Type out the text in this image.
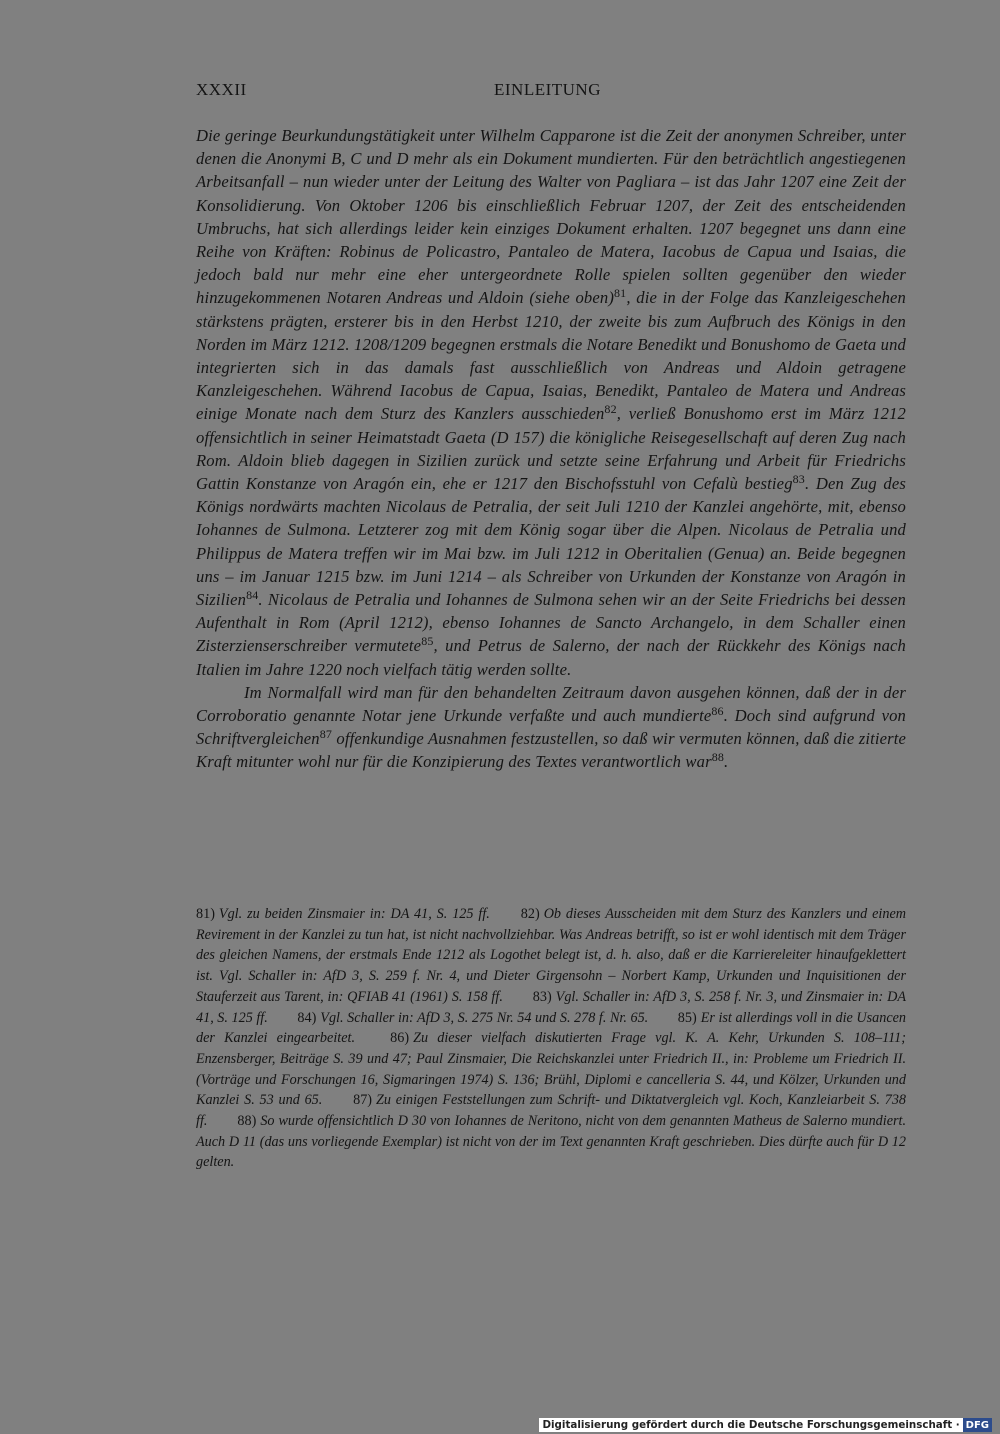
XXXII	EINLEITUNG

Die geringe Beurkundungstätigkeit unter Wilhelm Capparone ist die Zeit der anonymen Schreiber, unter denen die Anonymi B, C und D mehr als ein Dokument mundierten. Für den beträchtlich angestiegenen Arbeitsanfall – nun wieder unter der Leitung des Walter von Pagliara – ist das Jahr 1207 eine Zeit der Konsolidierung. Von Oktober 1206 bis einschließlich Februar 1207, der Zeit des entscheidenden Umbruchs, hat sich allerdings leider kein einziges Dokument erhalten. 1207 begegnet uns dann eine Reihe von Kräften: Robinus de Policastro, Pantaleo de Matera, Iacobus de Capua und Isaias, die jedoch bald nur mehr eine eher untergeordnete Rolle spielen sollten gegenüber den wieder hinzugekommenen Notaren Andreas und Aldoin (siehe oben)$^{81}$, die in der Folge das Kanzleigeschehen stärkstens prägten, ersterer bis in den Herbst 1210, der zweite bis zum Aufbruch des Königs in den Norden im März 1212. 1208/1209 begegnen erstmals die Notare Benedikt und Bonushomo de Gaeta und integrierten sich in das damals fast ausschließlich von Andreas und Aldoin getragene Kanzleigeschehen. Während Iacobus de Capua, Isaias, Benedikt, Pantaleo de Matera und Andreas einige Monate nach dem Sturz des Kanzlers ausschieden$^{82}$, verließ Bonushomo erst im März 1212 offensichtlich in seiner Heimatstadt Gaeta (D 157) die königliche Reisegesellschaft auf deren Zug nach Rom. Aldoin blieb dagegen in Sizilien zurück und setzte seine Erfahrung und Arbeit für Friedrichs Gattin Konstanze von Aragón ein, ehe er 1217 den Bischofsstuhl von Cefalù bestieg$^{83}$. Den Zug des Königs nordwärts machten Nicolaus de Petralia, der seit Juli 1210 der Kanzlei angehörte, mit, ebenso Iohannes de Sulmona. Letzterer zog mit dem König sogar über die Alpen. Nicolaus de Petralia und Philippus de Matera treffen wir im Mai bzw. im Juli 1212 in Oberitalien (Genua) an. Beide begegnen uns – im Januar 1215 bzw. im Juni 1214 – als Schreiber von Urkunden der Konstanze von Aragón in Sizilien$^{84}$. Nicolaus de Petralia und Iohannes de Sulmona sehen wir an der Seite Friedrichs bei dessen Aufenthalt in Rom (April 1212), ebenso Iohannes de Sancto Archangelo, in dem Schaller einen Zisterzienserschreiber vermutete$^{85}$, und Petrus de Salerno, der nach der Rückkehr des Königs nach Italien im Jahre 1220 noch vielfach tätig werden sollte.

Im Normalfall wird man für den behandelten Zeitraum davon ausgehen können, daß der in der Corroboratio genannte Notar jene Urkunde verfaßte und auch mundierte$^{86}$. Doch sind aufgrund von Schriftvergleichen$^{87}$ offenkundige Ausnahmen festzustellen, so daß wir vermuten können, daß die zitierte Kraft mitunter wohl nur für die Konzipierung des Textes verantwortlich war$^{88}$.

81) Vgl. zu beiden Zinsmaier in: DA 41, S. 125 ff. 82) Ob dieses Ausscheiden mit dem Sturz des Kanzlers und einem Revirement in der Kanzlei zu tun hat, ist nicht nachvollziehbar. Was Andreas betrifft, so ist er wohl identisch mit dem Träger des gleichen Namens, der erstmals Ende 1212 als Logothet belegt ist, d. h. also, daß er die Karriereleiter hinaufgeklettert ist. Vgl. Schaller in: AfD 3, S. 259 f. Nr. 4, und Dieter Girgensohn – Norbert Kamp, Urkunden und Inquisitionen der Stauferzeit aus Tarent, in: QFIAB 41 (1961) S. 158 ff. 83) Vgl. Schaller in: AfD 3, S. 258 f. Nr. 3, und Zinsmaier in: DA 41, S. 125 ff. 84) Vgl. Schaller in: AfD 3, S. 275 Nr. 54 und S. 278 f. Nr. 65. 85) Er ist allerdings voll in die Usancen der Kanzlei eingearbeitet. 86) Zu dieser vielfach diskutierten Frage vgl. K. A. Kehr, Urkunden S. 108–111; Enzensberger, Beiträge S. 39 und 47; Paul Zinsmaier, Die Reichskanzlei unter Friedrich II., in: Probleme um Friedrich II. (Vorträge und Forschungen 16, Sigmaringen 1974) S. 136; Brühl, Diplomi e cancelleria S. 44, und Kölzer, Urkunden und Kanzlei S. 53 und 65. 87) Zu einigen Feststellungen zum Schrift- und Diktatvergleich vgl. Koch, Kanzleiarbeit S. 738 ff. 88) So wurde offensichtlich D 30 von Iohannes de Neritono, nicht von dem genannten Matheus de Salerno mundiert. Auch D 11 (das uns vorliegende Exemplar) ist nicht von der im Text genannten Kraft geschrieben. Dies dürfte auch für D 12 gelten.

Digitalisierung gefördert durch die Deutsche Forschungsgemeinschaft · DFG
